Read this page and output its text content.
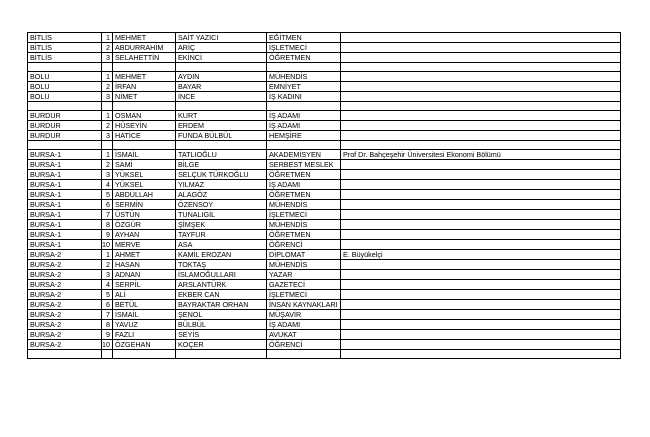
BİTLİS	1	MEHMET	SAİT YAZICI	EĞİTMEN	
BİTLİS	2	ABDURRAHİM	ARİÇ	İŞLETMECİ	
BİTLİS	3	SELAHETTİN	EKİNCİ	ÖĞRETMEN	

BOLU	1	MEHMET	AYDIN	MÜHENDİS	
BOLU	2	İRFAN	BAYAR	EMNİYET	
BOLU	3	NİMET	İNCE	İŞ KADINI	

BURDUR	1	OSMAN	KURT	İŞ ADAMI	
BURDUR	2	HÜSEYİN	ERDEM	İŞ ADAMI	
BURDUR	3	HATİCE	FUNDA BÜLBÜL	HEMŞİRE	

BURSA-1	1	İSMAİL	TATLIOĞLU	AKADEMİSYEN	Prof Dr. Bahçeşehir Üniversitesi Ekonomi Bölümü
BURSA-1	2	SAMİ	BİLGE	SERBEST MESLEK	
BURSA-1	3	YÜKSEL	SELÇUK TÜRKOĞLU	ÖĞRETMEN	
BURSA-1	4	YÜKSEL	YILMAZ	İŞ ADAMI	
BURSA-1	5	ABDULLAH	ALAGÖZ	ÖĞRETMEN	
BURSA-1	6	SERMİN	ÖZENSOY	MÜHENDİS	
BURSA-1	7	ÜSTÜN	TUNALIGİL	İŞLETMECİ	
BURSA-1	8	ÖZGÜR	ŞİMŞEK	MÜHENDİS	
BURSA-1	9	AYHAN	TAYFUR	ÖĞRETMEN	
BURSA-1	10	MERVE	ASA	ÖĞRENCİ	
BURSA-2	1	AHMET	KAMİL EROZAN	DİPLOMAT	E. Büyükelçi
BURSA-2	2	HASAN	TOKTAŞ	MÜHENDİS	
BURSA-2	3	ADNAN	İSLAMOĞULLARI	YAZAR	
BURSA-2	4	SERPİL	ARSLANTÜRK	GAZETECİ	
BURSA-2	5	ALİ	EKBER CAN	İŞLETMECİ	
BURSA-2	6	BETÜL	BAYRAKTAR ORHAN	İNSAN KAYNAKLARI	
BURSA-2	7	İSMAİL	ŞENOL	MÜŞAVİR	
BURSA-2	8	YAVUZ	BÜLBÜL	İŞ ADAMI	
BURSA-2	9	FAZLI	SEYİS	AVUKAT	
BURSA-2	10	ÖZGEHAN	KOÇER	ÖĞRENCİ	
